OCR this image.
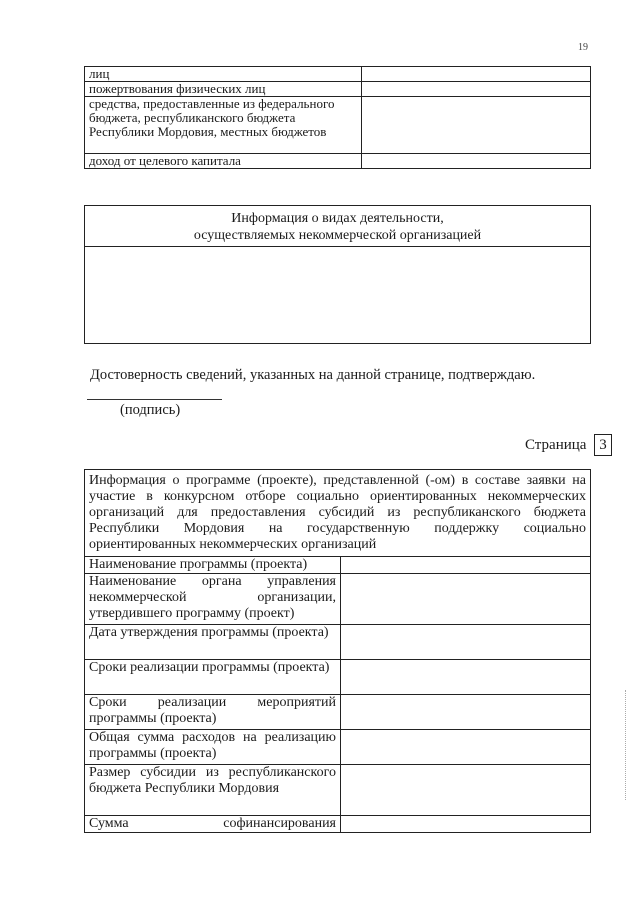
19
лиц	
пожертвования физических лиц	
средства, предоставленные из федерального бюджета, республиканского бюджета Республики Мордовия, местных бюджетов	
доход от целевого капитала	
Информация о видах деятельности,
осуществляемых некоммерческой организацией
Достоверность сведений, указанных на данной странице, подтверждаю.
(подпись)
Страница 3
Информация о программе (проекте), представленной (-ом) в составе заявки на участие в конкурсном отборе социально ориентированных некоммерческих организаций для предоставления субсидий из республиканского бюджета Республики Мордовия на государственную поддержку социально ориентированных некоммерческих организаций	
Наименование программы (проекта)	
Наименование органа управления некоммерческой организации, утвердившего программу (проект)	
Дата утверждения программы (проекта)	
Сроки реализации программы (проекта)	
Сроки реализации мероприятий программы (проекта)	
Общая сумма расходов на реализацию программы (проекта)	
Размер субсидии из республиканского бюджета Республики Мордовия	
Сумма софинансирования	
